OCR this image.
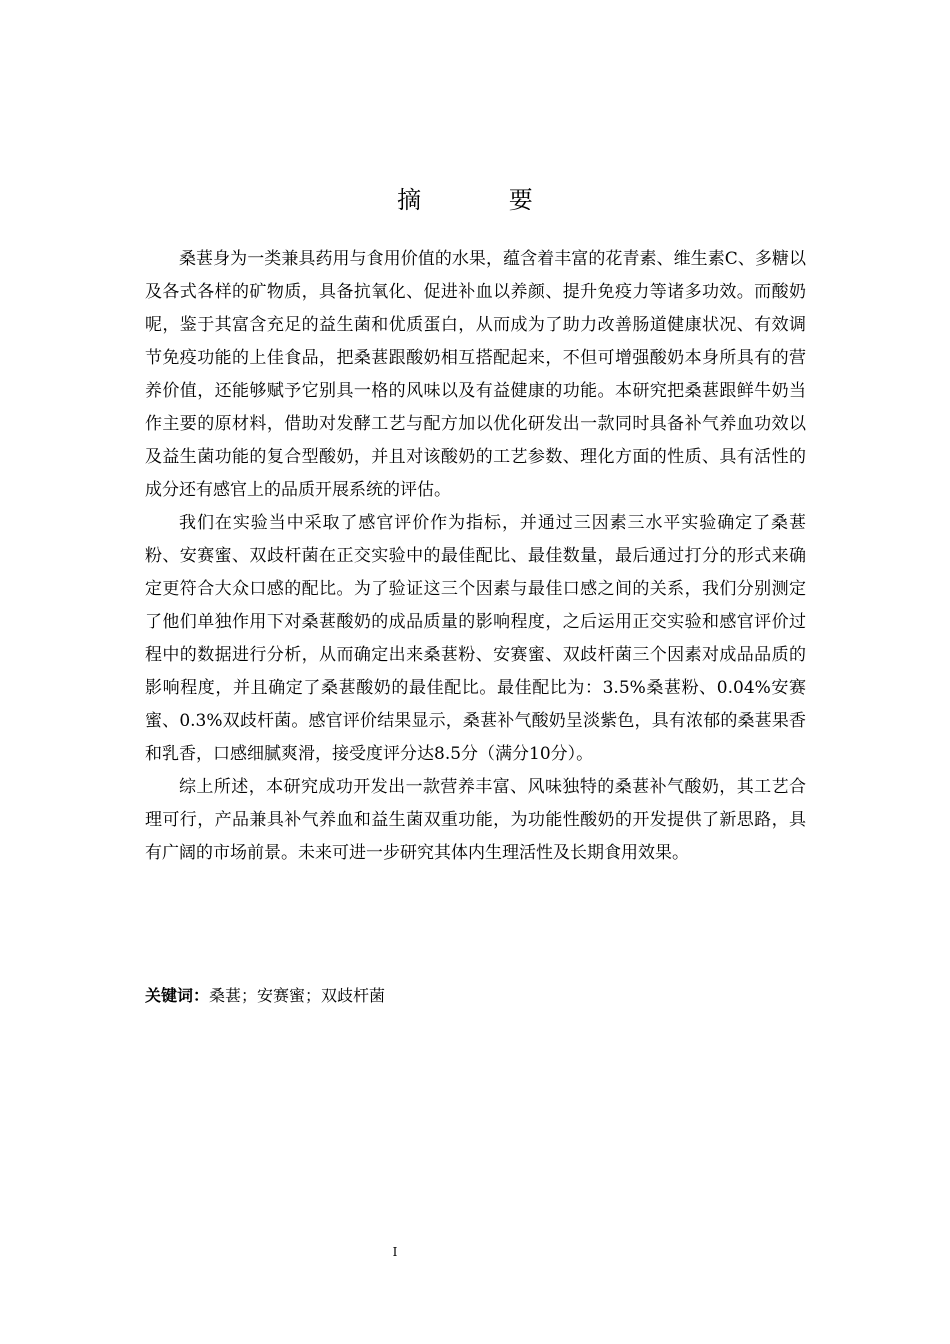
摘 要

桑葚身为一类兼具药用与食用价值的水果，蕴含着丰富的花青素、维生素C、多糖以及各式各样的矿物质，具备抗氧化、促进补血以养颜、提升免疫力等诸多功效。而酸奶呢，鉴于其富含充足的益生菌和优质蛋白，从而成为了助力改善肠道健康状况、有效调节免疫功能的上佳食品，把桑葚跟酸奶相互搭配起来，不但可增强酸奶本身所具有的营养价值，还能够赋予它别具一格的风味以及有益健康的功能。本研究把桑葚跟鲜牛奶当作主要的原材料，借助对发酵工艺与配方加以优化研发出一款同时具备补气养血功效以及益生菌功能的复合型酸奶，并且对该酸奶的工艺参数、理化方面的性质、具有活性的成分还有感官上的品质开展系统的评估。

我们在实验当中采取了感官评价作为指标，并通过三因素三水平实验确定了桑葚粉、安赛蜜、双歧杆菌在正交实验中的最佳配比、最佳数量，最后通过打分的形式来确定更符合大众口感的配比。为了验证这三个因素与最佳口感之间的关系，我们分别测定了他们单独作用下对桑葚酸奶的成品质量的影响程度，之后运用正交实验和感官评价过程中的数据进行分析，从而确定出来桑葚粉、安赛蜜、双歧杆菌三个因素对成品品质的影响程度，并且确定了桑葚酸奶的最佳配比。最佳配比为：3.5%桑葚粉、0.04%安赛蜜、0.3%双歧杆菌。感官评价结果显示，桑葚补气酸奶呈淡紫色，具有浓郁的桑葚果香和乳香，口感细腻爽滑，接受度评分达8.5分（满分10分）。

综上所述，本研究成功开发出一款营养丰富、风味独特的桑葚补气酸奶，其工艺合理可行，产品兼具补气养血和益生菌双重功能，为功能性酸奶的开发提供了新思路，具有广阔的市场前景。未来可进一步研究其体内生理活性及长期食用效果。

关键词：桑葚；安赛蜜；双歧杆菌
I
